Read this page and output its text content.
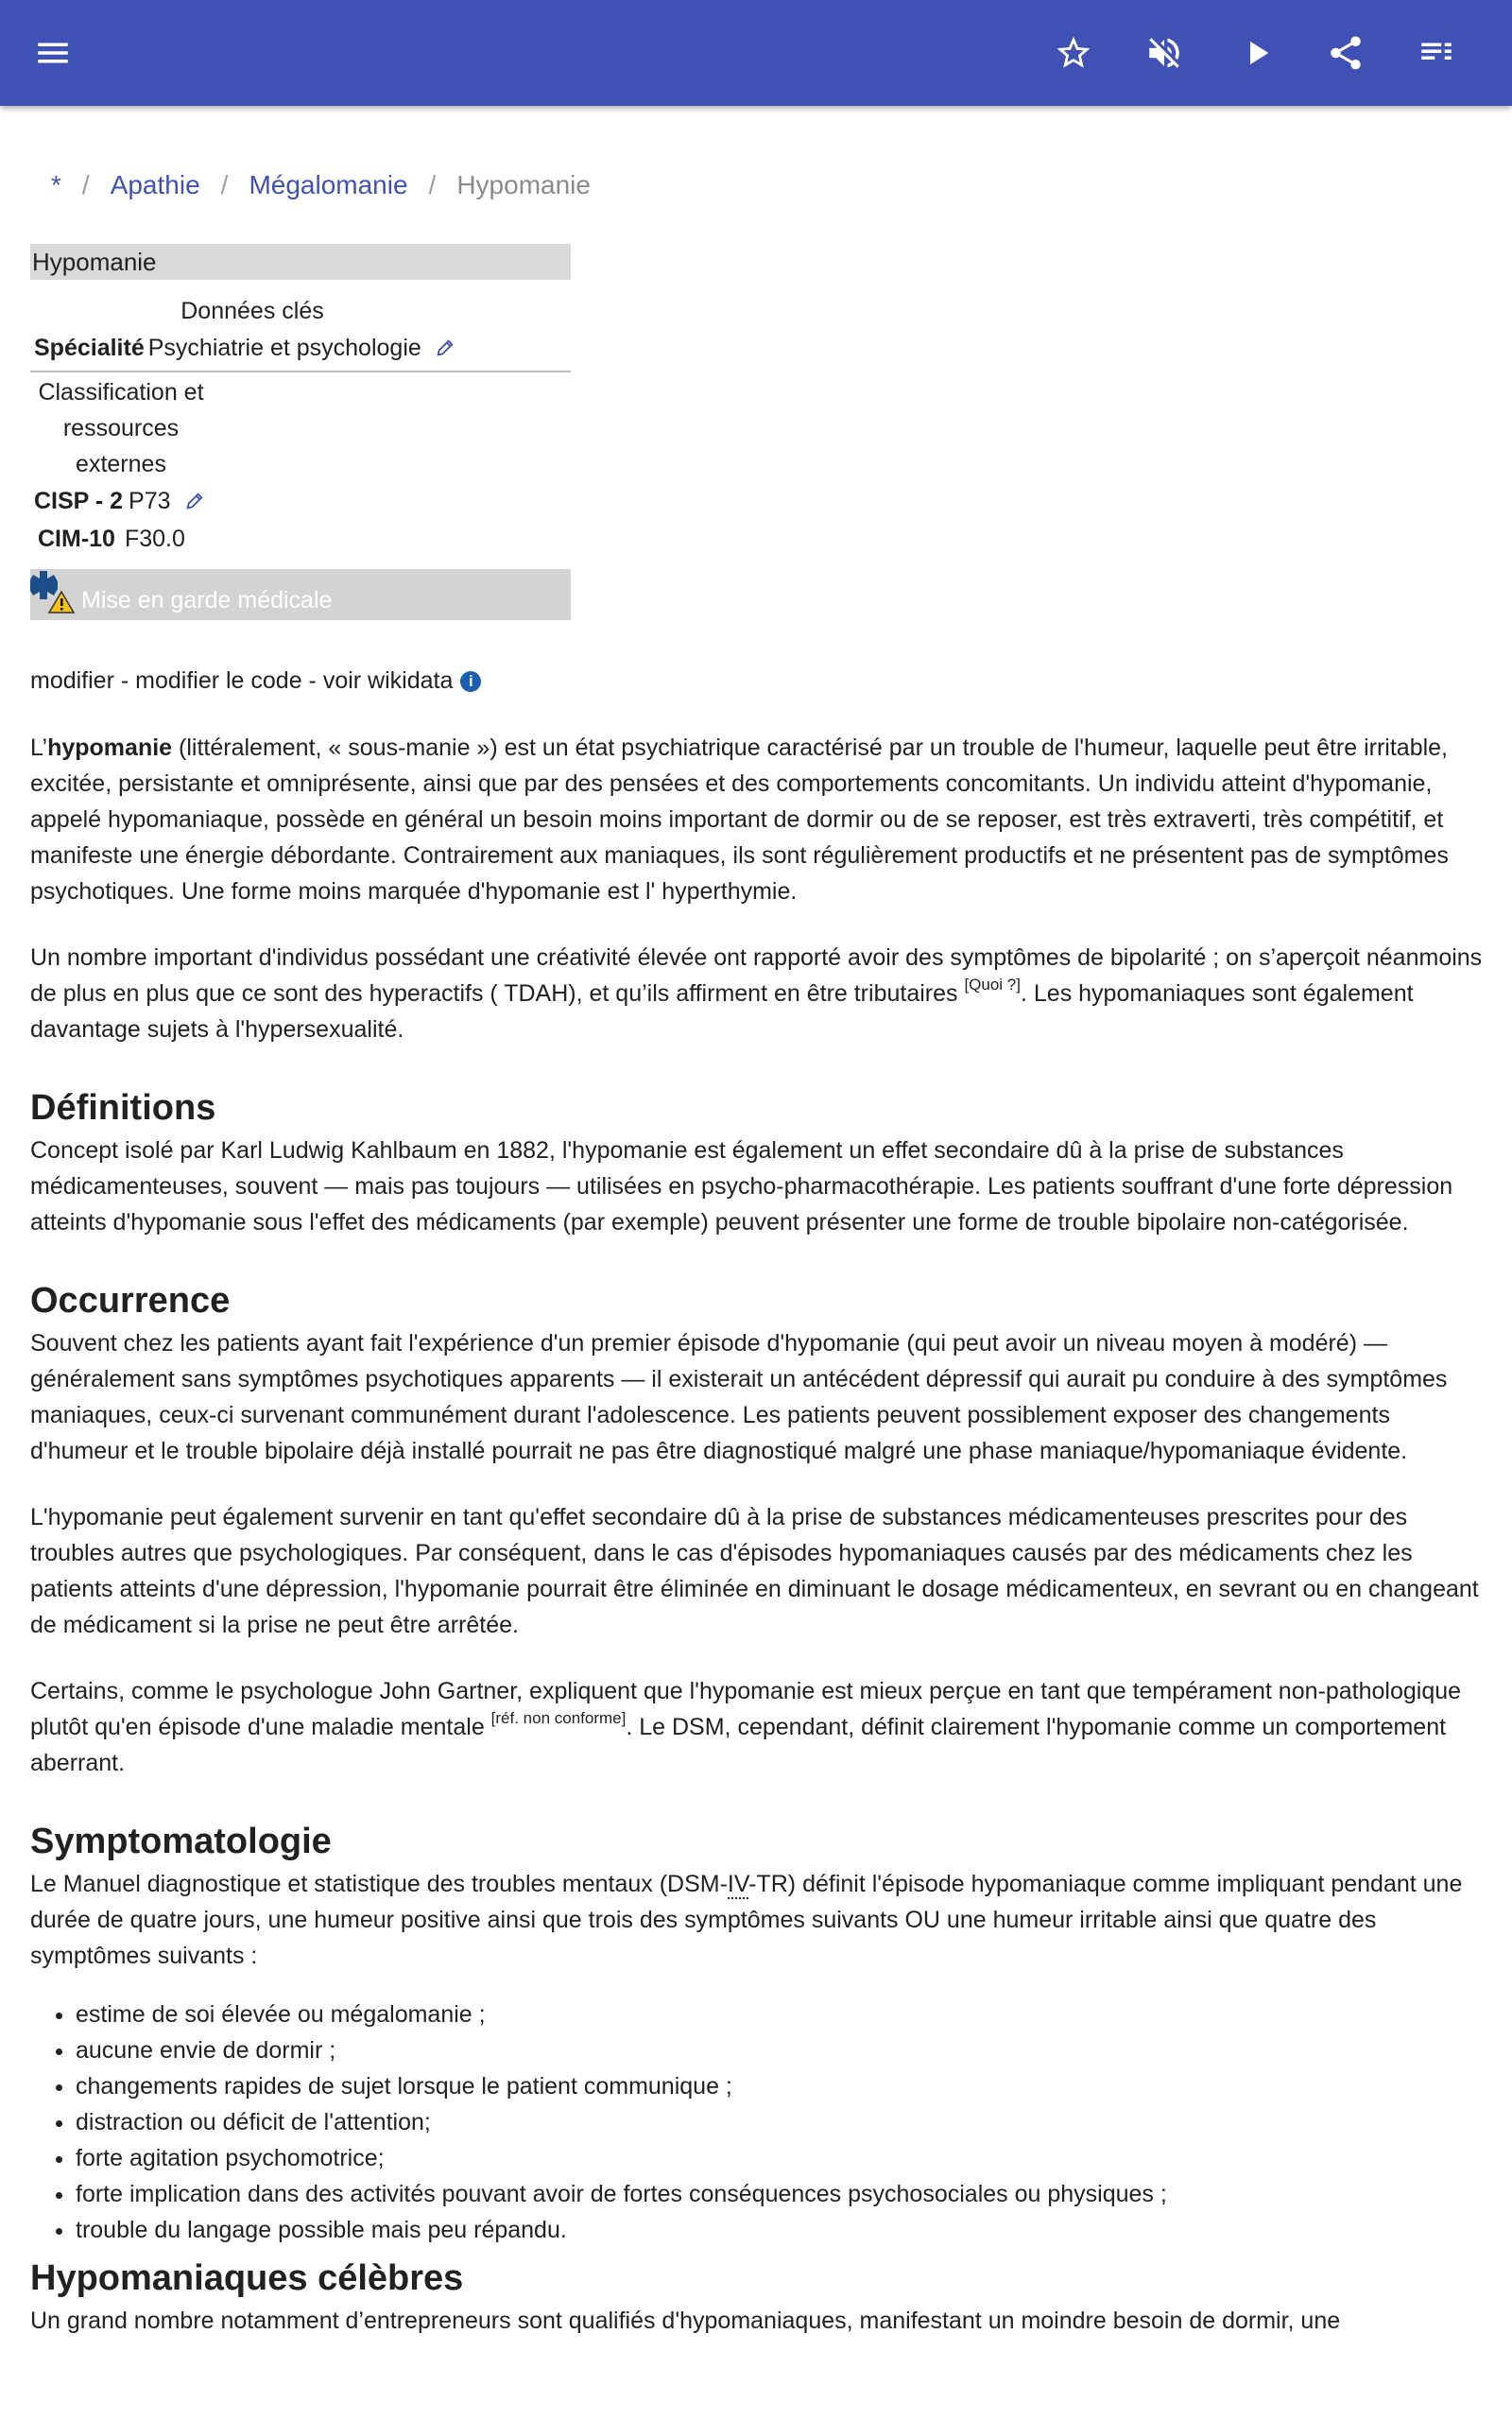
* / Apathie / Mégalomanie / Hypomanie
Hypomanie
Données clés
Spécialité Psychiatrie et psychologie
Classification et ressources externes
CISP - 2 P73
CIM-10 F30.0
Mise en garde médicale
modifier - modifier le code - voir wikidata i

L’hypomanie (littéralement, « sous-manie ») est un état psychiatrique caractérisé par un trouble de l'humeur, laquelle peut être irritable, excitée, persistante et omniprésente, ainsi que par des pensées et des comportements concomitants. Un individu atteint d'hypomanie, appelé hypomaniaque, possède en général un besoin moins important de dormir ou de se reposer, est très extraverti, très compétitif, et manifeste une énergie débordante. Contrairement aux maniaques, ils sont régulièrement productifs et ne présentent pas de symptômes psychotiques. Une forme moins marquée d'hypomanie est l' hyperthymie.

Un nombre important d'individus possédant une créativité élevée ont rapporté avoir des symptômes de bipolarité ; on s’aperçoit néanmoins de plus en plus que ce sont des hyperactifs ( TDAH), et qu’ils affirment en être tributaires [Quoi ?]. Les hypomaniaques sont également davantage sujets à l'hypersexualité.

Définitions

Concept isolé par Karl Ludwig Kahlbaum en 1882, l'hypomanie est également un effet secondaire dû à la prise de substances médicamenteuses, souvent — mais pas toujours — utilisées en psycho-pharmacothérapie. Les patients souffrant d'une forte dépression atteints d'hypomanie sous l'effet des médicaments (par exemple) peuvent présenter une forme de trouble bipolaire non-catégorisée.

Occurrence

Souvent chez les patients ayant fait l'expérience d'un premier épisode d'hypomanie (qui peut avoir un niveau moyen à modéré) — généralement sans symptômes psychotiques apparents — il existerait un antécédent dépressif qui aurait pu conduire à des symptômes maniaques, ceux-ci survenant communément durant l'adolescence. Les patients peuvent possiblement exposer des changements d'humeur et le trouble bipolaire déjà installé pourrait ne pas être diagnostiqué malgré une phase maniaque/hypomaniaque évidente.

L'hypomanie peut également survenir en tant qu'effet secondaire dû à la prise de substances médicamenteuses prescrites pour des troubles autres que psychologiques. Par conséquent, dans le cas d'épisodes hypomaniaques causés par des médicaments chez les patients atteints d'une dépression, l'hypomanie pourrait être éliminée en diminuant le dosage médicamenteux, en sevrant ou en changeant de médicament si la prise ne peut être arrêtée.

Certains, comme le psychologue John Gartner, expliquent que l'hypomanie est mieux perçue en tant que tempérament non-pathologique plutôt qu'en épisode d'une maladie mentale [réf. non conforme]. Le DSM, cependant, définit clairement l'hypomanie comme un comportement aberrant.

Symptomatologie

Le Manuel diagnostique et statistique des troubles mentaux (DSM-IV-TR) définit l'épisode hypomaniaque comme impliquant pendant une durée de quatre jours, une humeur positive ainsi que trois des symptômes suivants OU une humeur irritable ainsi que quatre des symptômes suivants :

• estime de soi élevée ou mégalomanie ;
• aucune envie de dormir ;
• changements rapides de sujet lorsque le patient communique ;
• distraction ou déficit de l'attention;
• forte agitation psychomotrice;
• forte implication dans des activités pouvant avoir de fortes conséquences psychosociales ou physiques ;
• trouble du langage possible mais peu répandu.
Hypomaniaques célèbres

Un grand nombre notamment d’entrepreneurs sont qualifiés d'hypomaniaques, manifestant un moindre besoin de dormir, une
